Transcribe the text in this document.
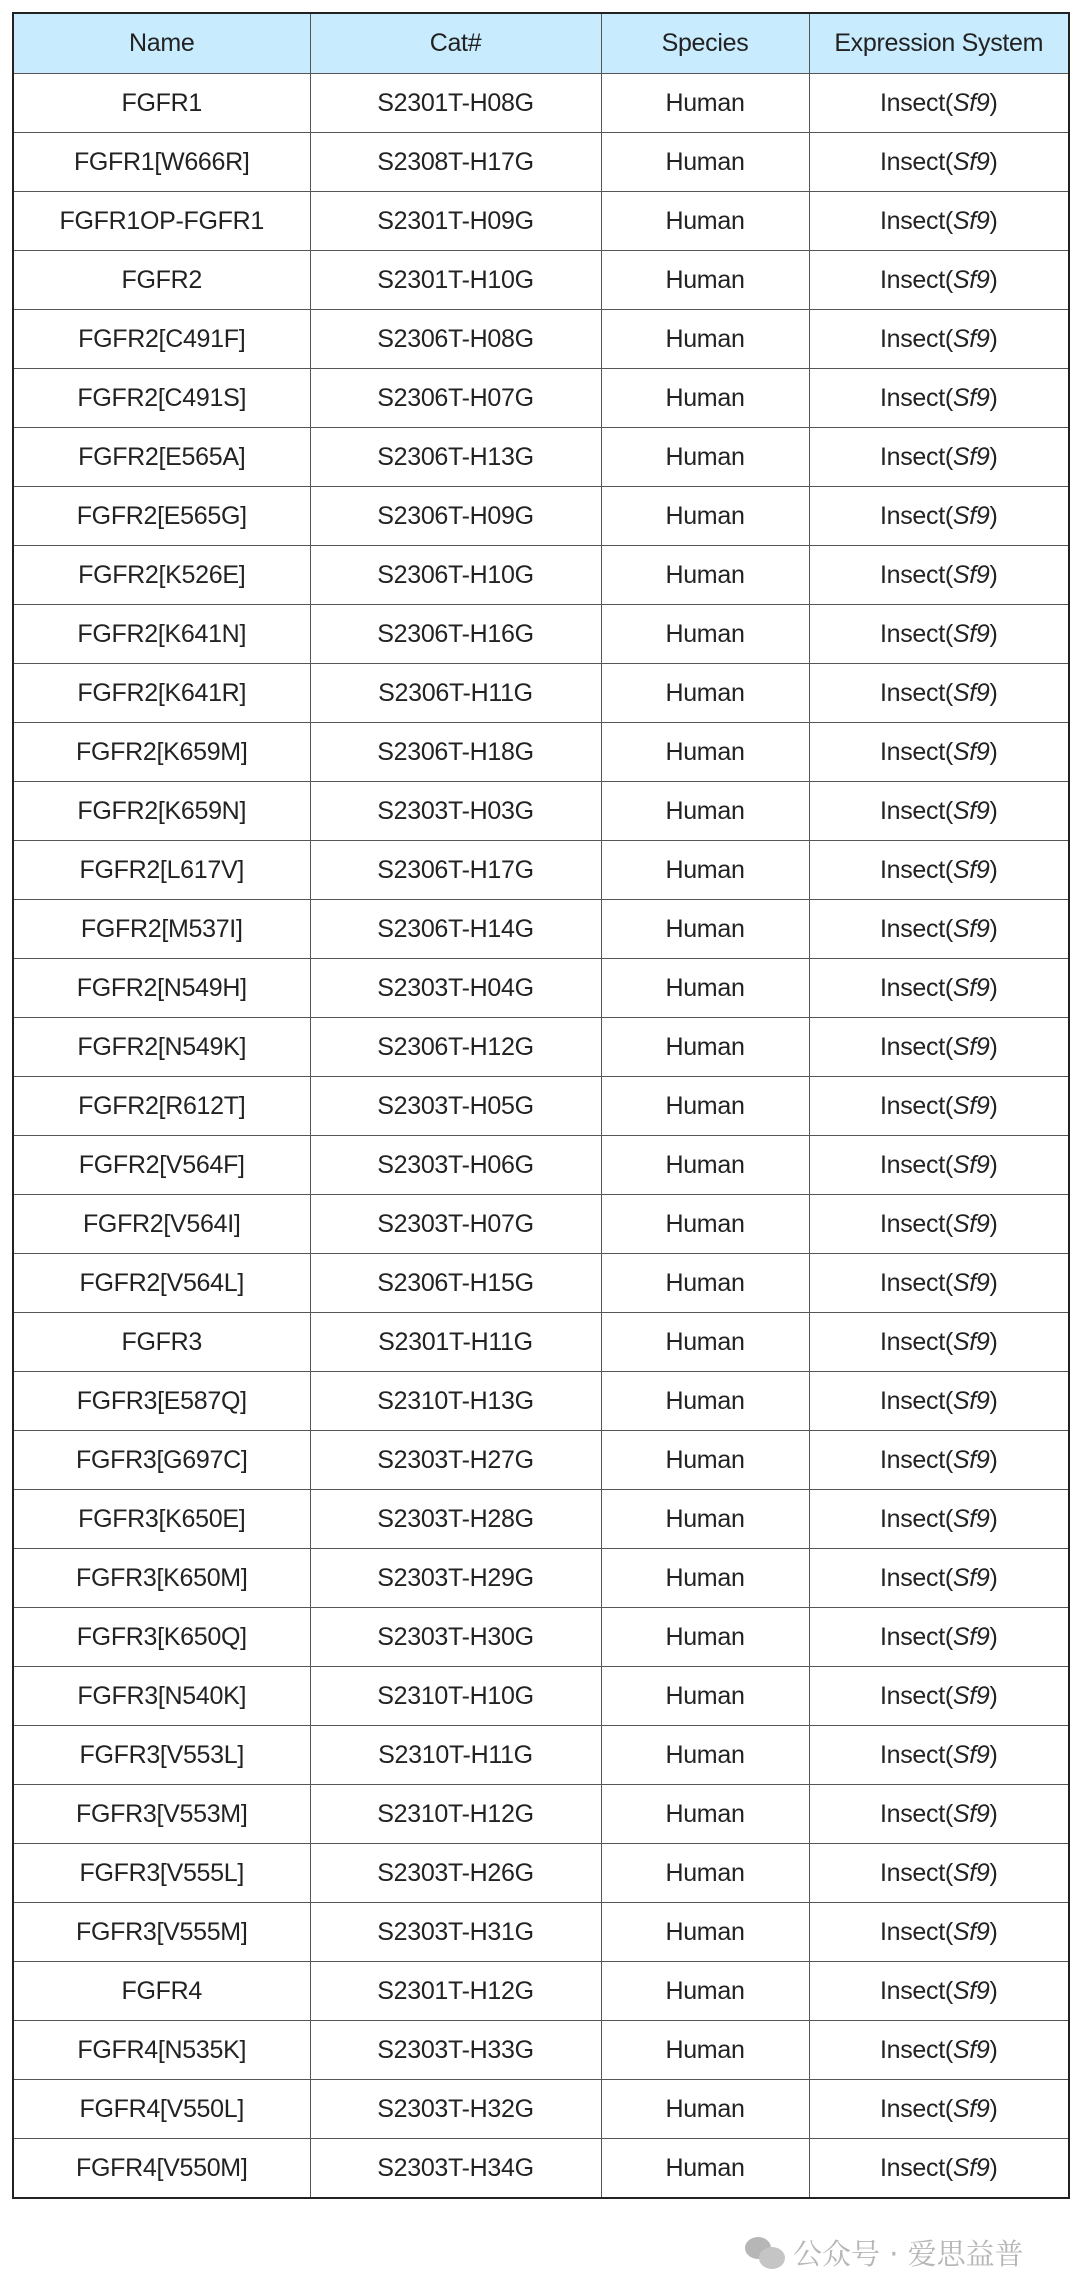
Name	Cat#	Species	Expression System
FGFR1	S2301T-H08G	Human	Insect(Sf9)
FGFR1[W666R]	S2308T-H17G	Human	Insect(Sf9)
FGFR1OP-FGFR1	S2301T-H09G	Human	Insect(Sf9)
FGFR2	S2301T-H10G	Human	Insect(Sf9)
FGFR2[C491F]	S2306T-H08G	Human	Insect(Sf9)
FGFR2[C491S]	S2306T-H07G	Human	Insect(Sf9)
FGFR2[E565A]	S2306T-H13G	Human	Insect(Sf9)
FGFR2[E565G]	S2306T-H09G	Human	Insect(Sf9)
FGFR2[K526E]	S2306T-H10G	Human	Insect(Sf9)
FGFR2[K641N]	S2306T-H16G	Human	Insect(Sf9)
FGFR2[K641R]	S2306T-H11G	Human	Insect(Sf9)
FGFR2[K659M]	S2306T-H18G	Human	Insect(Sf9)
FGFR2[K659N]	S2303T-H03G	Human	Insect(Sf9)
FGFR2[L617V]	S2306T-H17G	Human	Insect(Sf9)
FGFR2[M537I]	S2306T-H14G	Human	Insect(Sf9)
FGFR2[N549H]	S2303T-H04G	Human	Insect(Sf9)
FGFR2[N549K]	S2306T-H12G	Human	Insect(Sf9)
FGFR2[R612T]	S2303T-H05G	Human	Insect(Sf9)
FGFR2[V564F]	S2303T-H06G	Human	Insect(Sf9)
FGFR2[V564I]	S2303T-H07G	Human	Insect(Sf9)
FGFR2[V564L]	S2306T-H15G	Human	Insect(Sf9)
FGFR3	S2301T-H11G	Human	Insect(Sf9)
FGFR3[E587Q]	S2310T-H13G	Human	Insect(Sf9)
FGFR3[G697C]	S2303T-H27G	Human	Insect(Sf9)
FGFR3[K650E]	S2303T-H28G	Human	Insect(Sf9)
FGFR3[K650M]	S2303T-H29G	Human	Insect(Sf9)
FGFR3[K650Q]	S2303T-H30G	Human	Insect(Sf9)
FGFR3[N540K]	S2310T-H10G	Human	Insect(Sf9)
FGFR3[V553L]	S2310T-H11G	Human	Insect(Sf9)
FGFR3[V553M]	S2310T-H12G	Human	Insect(Sf9)
FGFR3[V555L]	S2303T-H26G	Human	Insect(Sf9)
FGFR3[V555M]	S2303T-H31G	Human	Insect(Sf9)
FGFR4	S2301T-H12G	Human	Insect(Sf9)
FGFR4[N535K]	S2303T-H33G	Human	Insect(Sf9)
FGFR4[V550L]	S2303T-H32G	Human	Insect(Sf9)
FGFR4[V550M]	S2303T-H34G	Human	Insect(Sf9)
公众号 · 爱思益普
